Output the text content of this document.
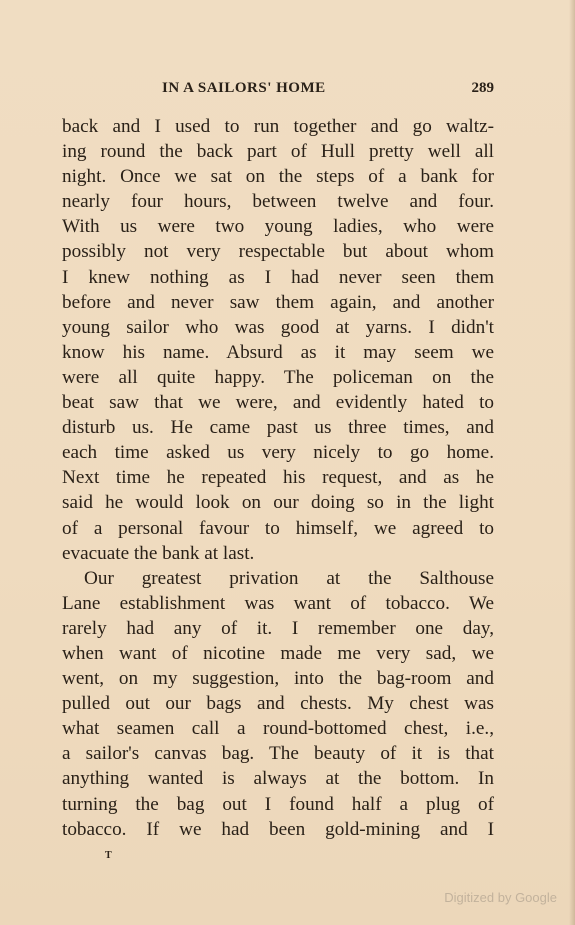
IN A SAILORS' HOME	289
back and I used to run together and go waltz-
ing round the back part of Hull pretty well all
night. Once we sat on the steps of a bank for
nearly four hours, between twelve and four.
With us were two young ladies, who were
possibly not very respectable but about whom
I knew nothing as I had never seen them
before and never saw them again, and another
young sailor who was good at yarns. I didn't
know his name. Absurd as it may seem we
were all quite happy. The policeman on the
beat saw that we were, and evidently hated to
disturb us. He came past us three times, and
each time asked us very nicely to go home.
Next time he repeated his request, and as he
said he would look on our doing so in the light
of a personal favour to himself, we agreed to
evacuate the bank at last.
Our greatest privation at the Salthouse
Lane establishment was want of tobacco. We
rarely had any of it. I remember one day,
when want of nicotine made me very sad, we
went, on my suggestion, into the bag-room and
pulled out our bags and chests. My chest was
what seamen call a round-bottomed chest, i.e.,
a sailor's canvas bag. The beauty of it is that
anything wanted is always at the bottom. In
turning the bag out I found half a plug of
tobacco. If we had been gold-mining and I
T
Digitized by Google
